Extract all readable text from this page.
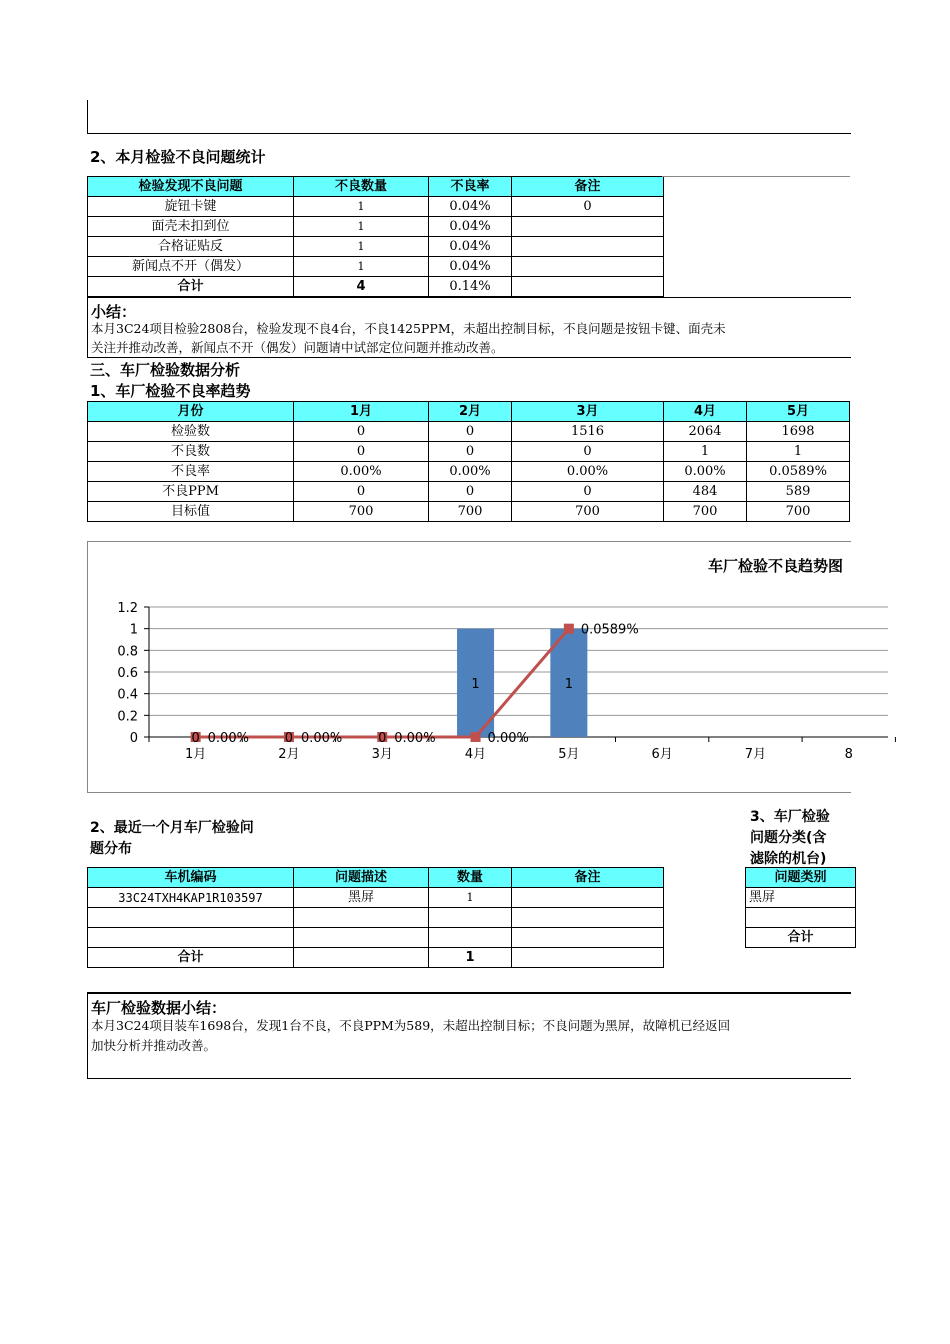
2、本月检验不良问题统计
检验发现不良问题	不良数量	不良率	备注
旋钮卡键	1	0.04%	0
面壳未扣到位	1	0.04%	
合格证贴反	1	0.04%	
新闻点不开（偶发）	1	0.04%	
合计	4	0.14%	
小结：
本月3C24项目检验2808台，检验发现不良4台，不良1425PPM，未超出控制目标，不良问题是按钮卡键、面壳未
关注并推动改善，新闻点不开（偶发）问题请中试部定位问题并推动改善。
三、车厂检验数据分析
1、车厂检验不良率趋势
月份	1月	2月	3月	4月	5月
检验数	0	0	1516	2064	1698
不良数	0	0	0	1	1
不良率	0.00%	0.00%	0.00%	0.00%	0.0589%
不良PPM	0	0	0	484	589
目标值	700	700	700	700	700
车厂检验不良趋势图
0
0.2
0.4
0.6
0.8
1
1.2
1月	2月	3月	4月	5月	6月	7月	8
0	0	0
1	1
0.00%	0.00%	0.00%	0.00%
0.0589%
2、最近一个月车厂检验问
题分布
车机编码	问题描述	数量	备注
33C24TXH4KAP1R103597	黑屏	1	

合计		1	
3、车厂检验
问题分类(含
滤除的机台)
问题类别
黑屏

合计
车厂检验数据小结：
本月3C24项目装车1698台，发现1台不良，不良PPM为589，未超出控制目标；不良问题为黑屏，故障机已经返回
加快分析并推动改善。
